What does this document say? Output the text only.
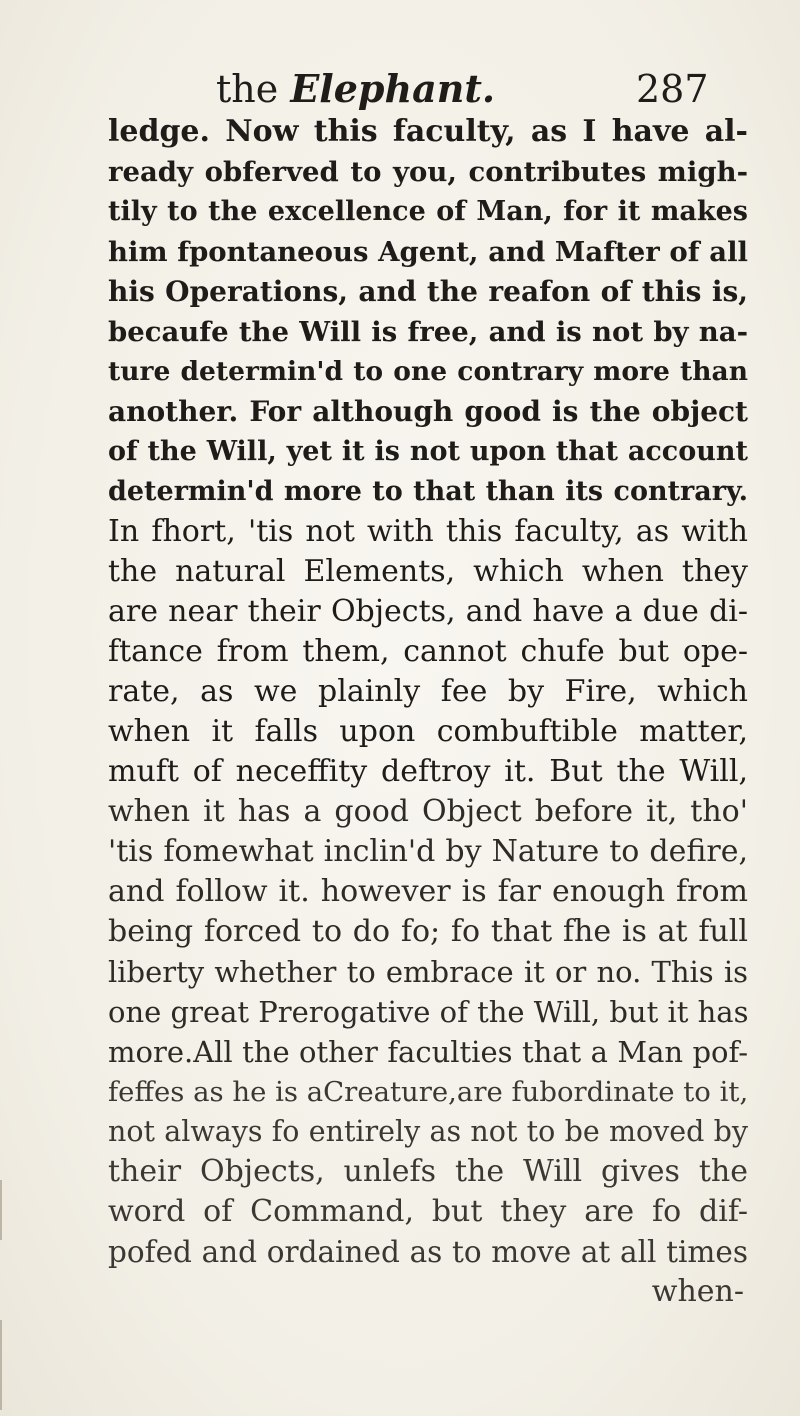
the Elephant.	287
ledge. Now this faculty, as I have al-
ready obferved to you, contributes migh-
tily to the excellence of Man, for it makes
him fpontaneous Agent, and Mafter of all
his Operations, and the reafon of this is,
becaufe the Will is free, and is not by na-
ture determin'd to one contrary more than
another. For although good is the object
of the Will, yet it is not upon that account
determin'd more to that than its contrary.
In fhort, 'tis not with this faculty, as with
the natural Elements, which when they
are near their Objects, and have a due di-
ftance from them, cannot chufe but ope-
rate, as we plainly fee by Fire, which
when it falls upon combuftible matter,
muft of neceffity deftroy it. But the Will,
when it has a good Object before it, tho'
'tis fomewhat inclin'd by Nature to defire,
and follow it. however is far enough from
being forced to do fo; fo that fhe is at full
liberty whether to embrace it or no. This is
one great Prerogative of the Will, but it has
more.All the other faculties that a Man pof-
feffes as he is aCreature,are fubordinate to it,
not always fo entirely as not to be moved by
their Objects, unlefs the Will gives the
word of Command, but they are fo dif-
pofed and ordained as to move at all times
when-
